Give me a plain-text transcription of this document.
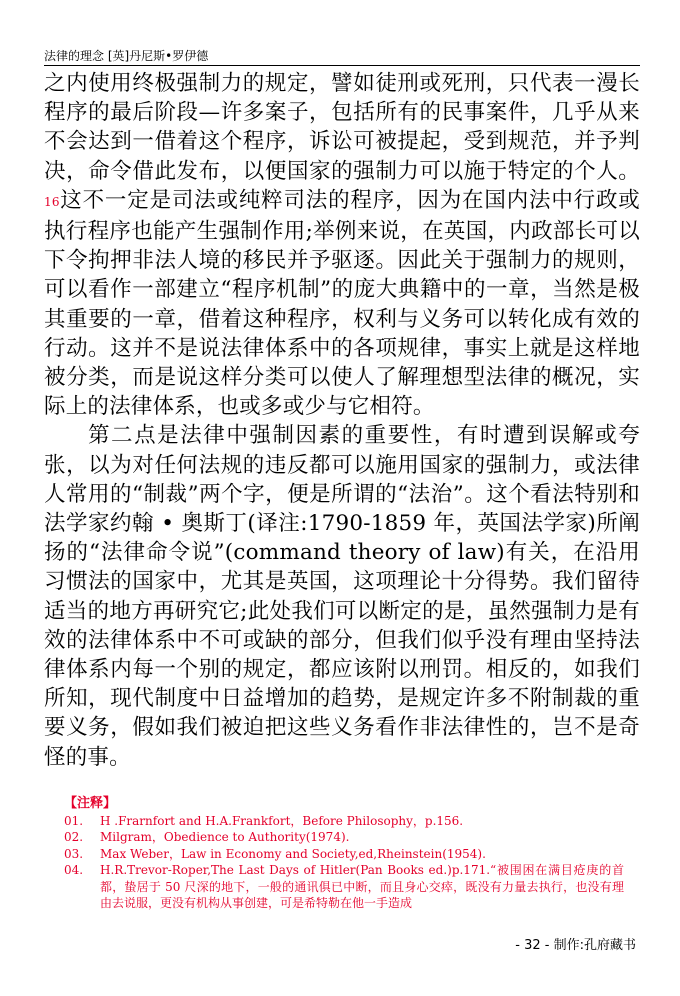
法律的理念 [英]丹尼斯•罗伊德

之内使用终极强制力的规定，譬如徒刑或死刑，只代表一漫长程序的最后阶段—许多案子，包括所有的民事案件，几乎从来不会达到一借着这个程序，诉讼可被提起，受到规范，并予判决，命令借此发布，以便国家的强制力可以施于特定的个人。16这不一定是司法或纯粹司法的程序，因为在国内法中行政或执行程序也能产生强制作用;举例来说，在英国，内政部长可以下令拘押非法人境的移民并予驱逐。因此关于强制力的规则，可以看作一部建立“程序机制”的庞大典籍中的一章，当然是极其重要的一章，借着这种程序，权利与义务可以转化成有效的行动。这并不是说法律体系中的各项规律，事实上就是这样地被分类，而是说这样分类可以使人了解理想型法律的概况，实际上的法律体系，也或多或少与它相符。

第二点是法律中强制因素的重要性，有时遭到误解或夸张，以为对任何法规的违反都可以施用国家的强制力，或法律人常用的“制裁”两个字，便是所谓的“法治”。这个看法特别和法学家约翰 • 奥斯丁(译注:1790-1859 年，英国法学家)所阐扬的“法律命令说”(command theory of law)有关，在沿用习惯法的国家中，尤其是英国，这项理论十分得势。我们留待适当的地方再研究它;此处我们可以断定的是，虽然强制力是有效的法律体系中不可或缺的部分，但我们似乎没有理由坚持法律体系内每一个别的规定，都应该附以刑罚。相反的，如我们所知，现代制度中日益增加的趋势，是规定许多不附制裁的重要义务，假如我们被迫把这些义务看作非法律性的，岂不是奇怪的事。

【注释】
01.	H .Frarnfort and H.A.Frankfort，Before Philosophy，p.156.
02.	Milgram，Obedience to Authority(1974).
03.	Max Weber，Law in Economy and Society,ed,Rheinstein(1954).
04.	H.R.Trevor-Roper,The Last Days of Hitler(Pan Books ed.)p.171.“被围困在满目疮庚的首都，蛰居于 50 尺深的地下，一般的通讯俱已中断，而且身心交瘁，既没有力量去执行，也没有理由去说服，更没有机构从事创建，可是希特勒在他一手造成
- 32 - 制作:孔府藏书
